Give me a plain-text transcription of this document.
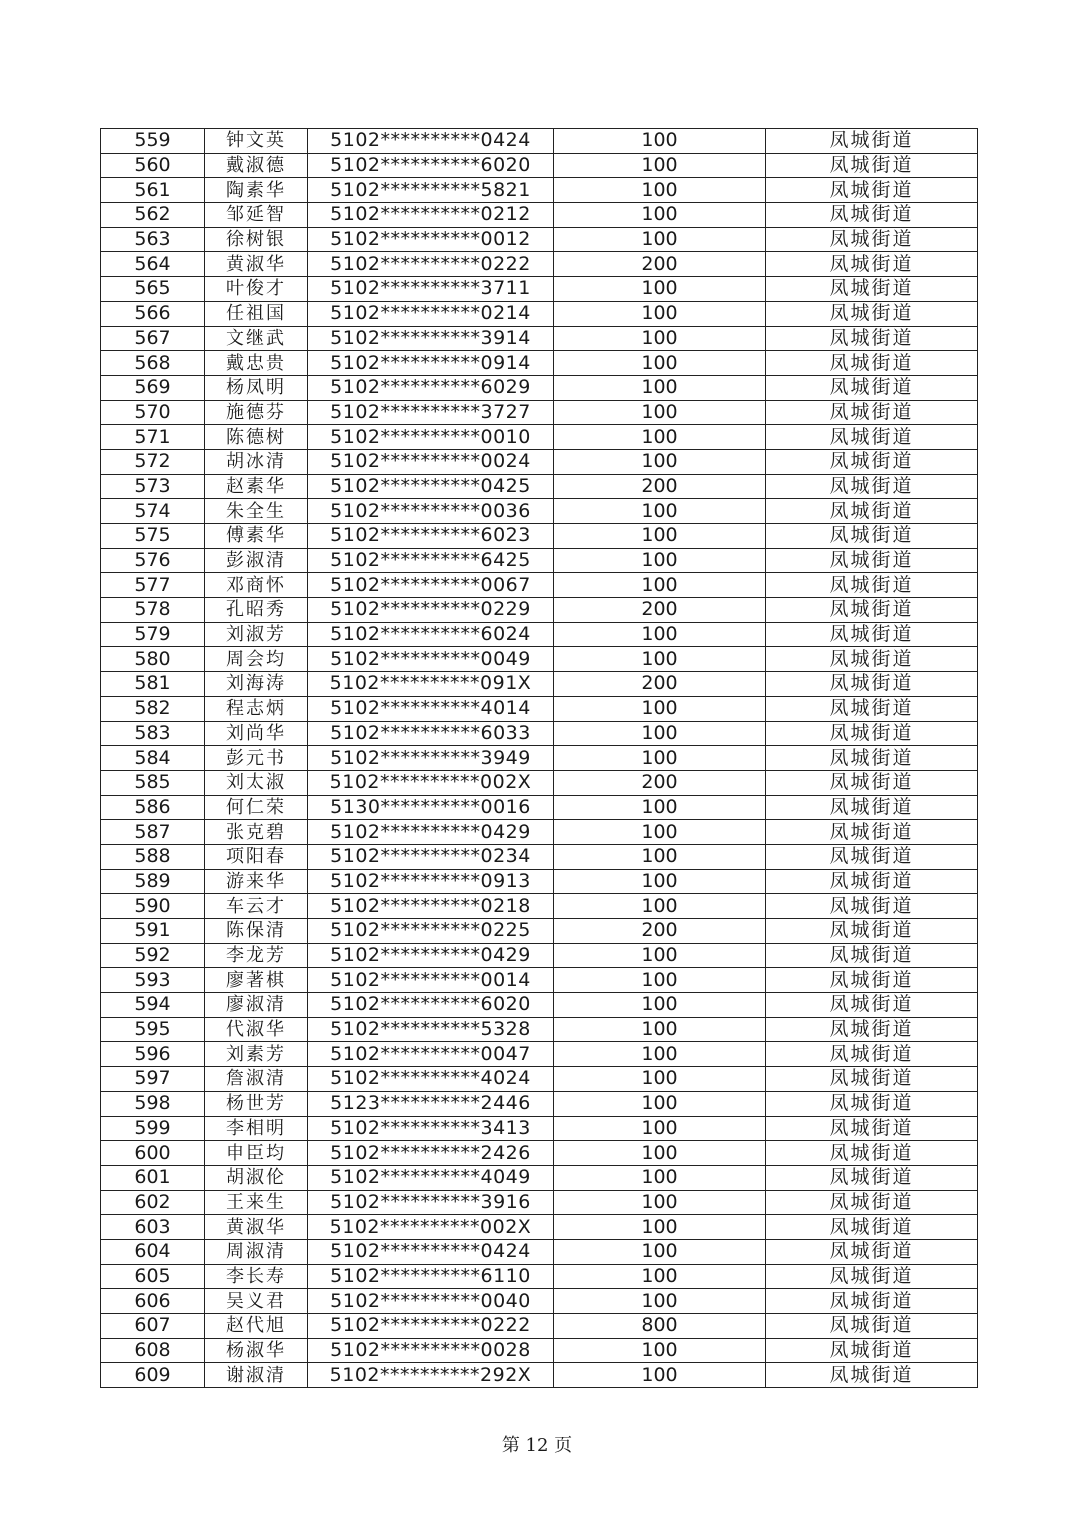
559	钟文英	5102**********0424	100	凤城街道
560	戴淑德	5102**********6020	100	凤城街道
561	陶素华	5102**********5821	100	凤城街道
562	邹延智	5102**********0212	100	凤城街道
563	徐树银	5102**********0012	100	凤城街道
564	黄淑华	5102**********0222	200	凤城街道
565	叶俊才	5102**********3711	100	凤城街道
566	任祖国	5102**********0214	100	凤城街道
567	文继武	5102**********3914	100	凤城街道
568	戴忠贵	5102**********0914	100	凤城街道
569	杨凤明	5102**********6029	100	凤城街道
570	施德芬	5102**********3727	100	凤城街道
571	陈德树	5102**********0010	100	凤城街道
572	胡冰清	5102**********0024	100	凤城街道
573	赵素华	5102**********0425	200	凤城街道
574	朱全生	5102**********0036	100	凤城街道
575	傅素华	5102**********6023	100	凤城街道
576	彭淑清	5102**********6425	100	凤城街道
577	邓商怀	5102**********0067	100	凤城街道
578	孔昭秀	5102**********0229	200	凤城街道
579	刘淑芳	5102**********6024	100	凤城街道
580	周会均	5102**********0049	100	凤城街道
581	刘海涛	5102**********091X	200	凤城街道
582	程志炳	5102**********4014	100	凤城街道
583	刘尚华	5102**********6033	100	凤城街道
584	彭元书	5102**********3949	100	凤城街道
585	刘太淑	5102**********002X	200	凤城街道
586	何仁荣	5130**********0016	100	凤城街道
587	张克碧	5102**********0429	100	凤城街道
588	项阳春	5102**********0234	100	凤城街道
589	游来华	5102**********0913	100	凤城街道
590	车云才	5102**********0218	100	凤城街道
591	陈保清	5102**********0225	200	凤城街道
592	李龙芳	5102**********0429	100	凤城街道
593	廖著棋	5102**********0014	100	凤城街道
594	廖淑清	5102**********6020	100	凤城街道
595	代淑华	5102**********5328	100	凤城街道
596	刘素芳	5102**********0047	100	凤城街道
597	詹淑清	5102**********4024	100	凤城街道
598	杨世芳	5123**********2446	100	凤城街道
599	李相明	5102**********3413	100	凤城街道
600	申臣均	5102**********2426	100	凤城街道
601	胡淑伦	5102**********4049	100	凤城街道
602	王来生	5102**********3916	100	凤城街道
603	黄淑华	5102**********002X	100	凤城街道
604	周淑清	5102**********0424	100	凤城街道
605	李长寿	5102**********6110	100	凤城街道
606	吴义君	5102**********0040	100	凤城街道
607	赵代旭	5102**********0222	800	凤城街道
608	杨淑华	5102**********0028	100	凤城街道
609	谢淑清	5102**********292X	100	凤城街道
第 12 页
